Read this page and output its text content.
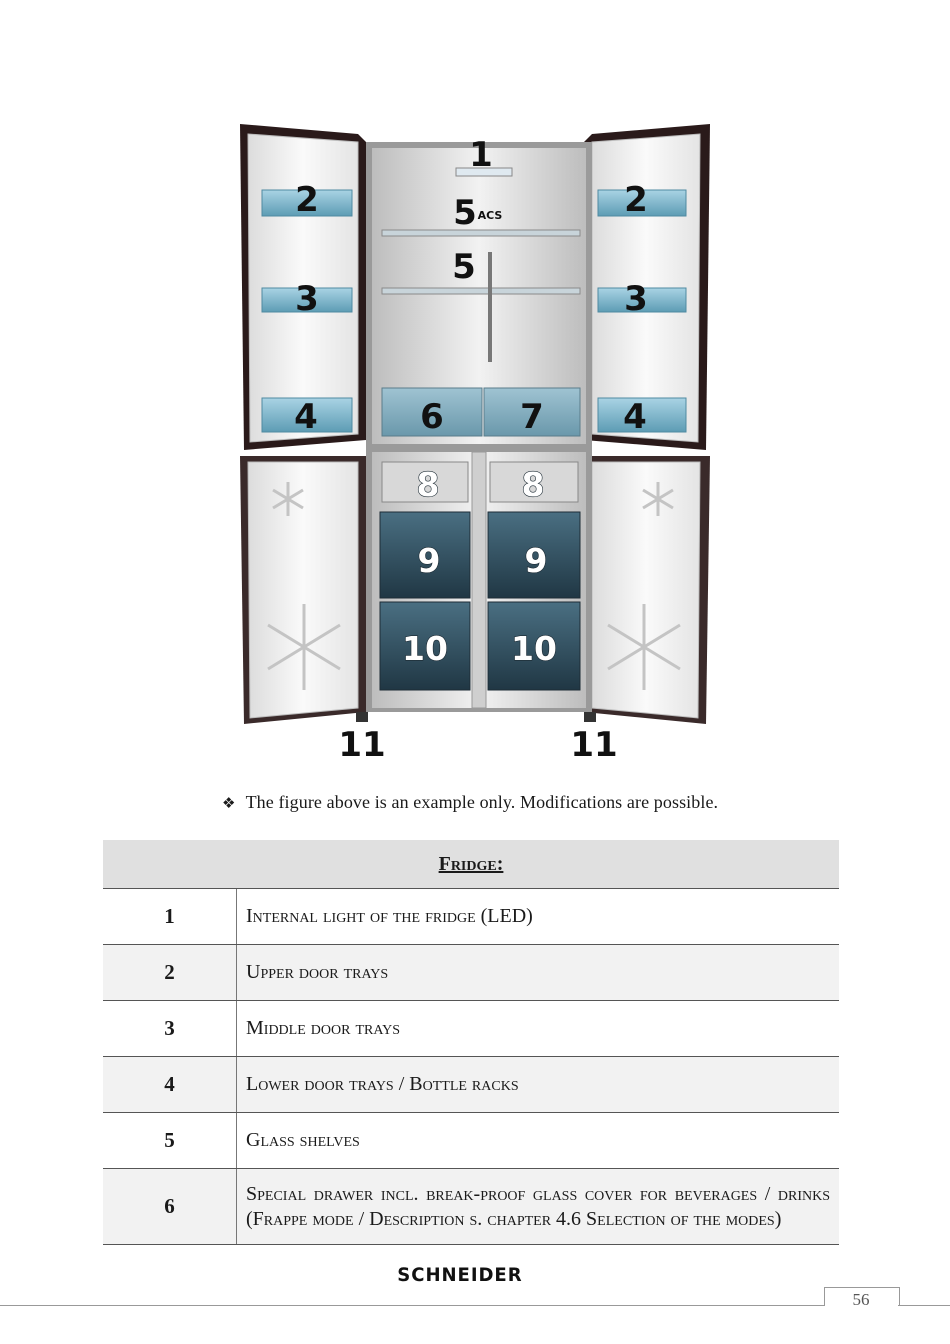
1
2	2
3	3
4	4
5 ACS
5
6 7
8 8
9	9
10 10
11	11
❖ The figure above is an example only. Modifications are possible.
Fridge:	
1	Internal light of the fridge (LED)
2	Upper door trays
3	Middle door trays
4	Lower door trays / Bottle racks
5	Glass shelves
6	Special drawer incl. break-proof glass cover for beverages / drinks (Frappe mode / Description s. chapter 4.6 Selection of the modes)
SCHNEIDER
56
